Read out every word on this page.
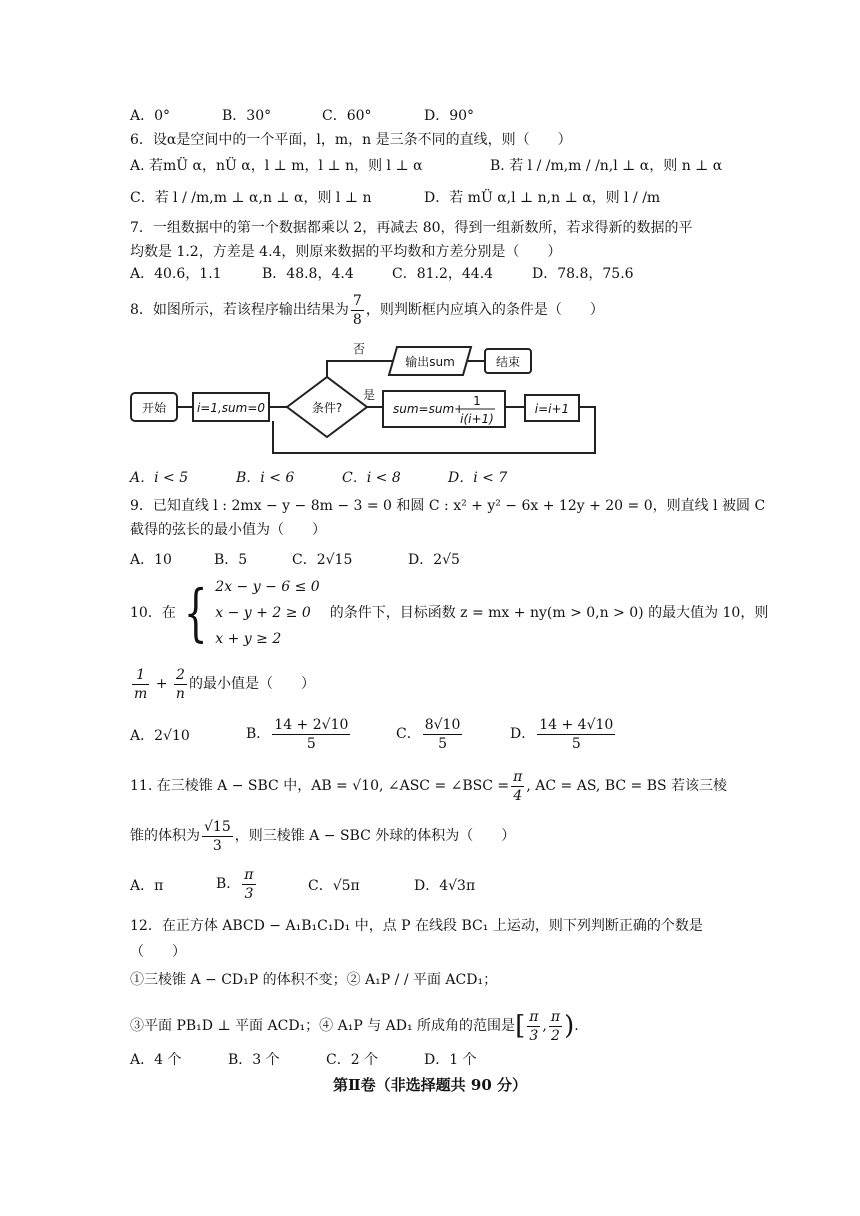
A．0°	B．30°	C．60°	D．90°
6．设α是空间中的一个平面，l，m，n 是三条不同的直线，则（　　）
A. 若mÜ α，nÜ α，l ⊥ m，l ⊥ n，则 l ⊥ α	B. 若 l / /m,m / /n,l ⊥ α，则 n ⊥ α
C．若 l / /m,m ⊥ α,n ⊥ α，则 l ⊥ n	D．若 mÜ α,l ⊥ n,n ⊥ α，则 l / /m
7．一组数据中的第一个数据都乘以 2，再减去 80，得到一组新数所，若求得新的数据的平
均数是 1.2，方差是 4.4，则原来数据的平均数和方差分别是（　　）
A．40.6，1.1	B．48.8，4.4	C．81.2，44.4	D．78.8，75.6
8．如图所示，若该程序输出结果为 $\frac{7}{8}$ ，则判断框内应填入的条件是（　　）
开始	i=1,sum=0	条件?
否
输出sum	结束
是
sum=sum+
1
i(i+1)
i=i+1
A．i < 5	B．i < 6	C．i < 8	D．i < 7
9．已知直线 l : 2mx − y − 8m − 3 = 0 和圆 C : x² + y² − 6x + 12y + 20 = 0，则直线 l 被圆 C
截得的弦长的最小值为（　　）
A．10	B．5	C．2√15	D．2√5
10．在 { 2x − y − 6 ≤ 0
x − y + 2 ≥ 0
x + y ≥ 2
的条件下，目标函数 z = mx + ny(m > 0,n > 0) 的最大值为 10，则
$\frac{1}{m} + \frac{2}{n}$ 的最小值是（　　）
A．2√10	B． $\frac{14 + 2√10}{5}$	C． $\frac{8√10}{5}$	D． $\frac{14 + 4√10}{5}$
11. 在三棱锥 A − SBC 中，AB = √10, ∠ASC = ∠BSC = $\frac{\pi}{4}$ , AC = AS, BC = BS 若该三棱
锥的体积为 $\frac{√15}{3}$ ，则三棱锥 A − SBC 外球的体积为（　　）
A．π	B． $\frac{\pi}{3}$	C．√5π	D．4√3π
12．在正方体 ABCD − A₁B₁C₁D₁ 中，点 P 在线段 BC₁ 上运动，则下列判断正确的个数是
（　　）
①三棱锥 A − CD₁P 的体积不变；② A₁P / / 平面 ACD₁；
③平面 PB₁D ⊥ 平面 ACD₁；④ A₁P 与 AD₁ 所成角的范围是[ $\frac{\pi}{3}$ , $\frac{\pi}{2}$ ).
A．4 个	B．3 个	C．2 个	D．1 个
第Ⅱ卷（非选择题共 90 分）
